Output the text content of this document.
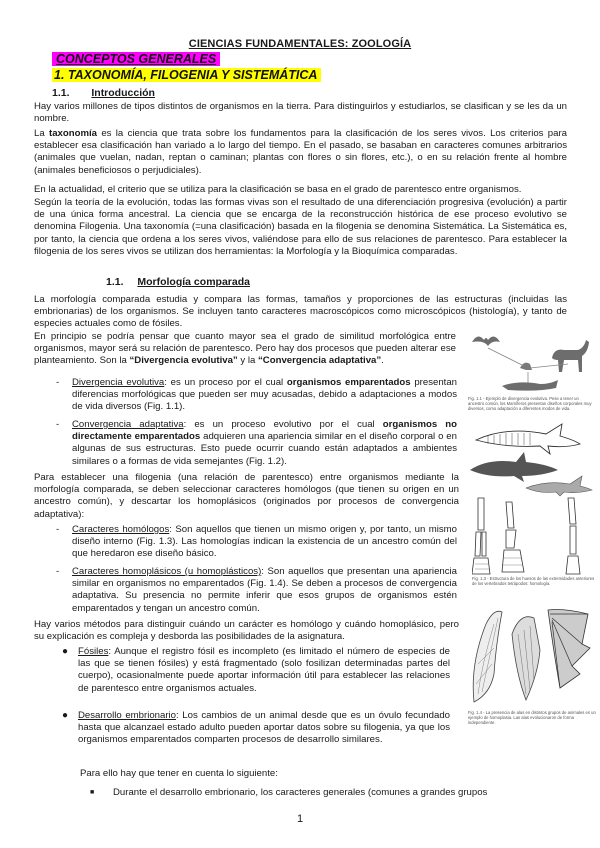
CIENCIAS FUNDAMENTALES: ZOOLOGÍA
CONCEPTOS GENERALES
1. TAXONOMÍA, FILOGENIA Y SISTEMÁTICA
1.1. Introducción
Hay varios millones de tipos distintos de organismos en la tierra. Para distinguirlos y estudiarlos, se clasifican y se les da un nombre.
La taxonomía es la ciencia que trata sobre los fundamentos para la clasificación de los seres vivos. Los criterios para establecer esa clasificación han variado a lo largo del tiempo. En el pasado, se basaban en caracteres comunes arbitrarios (animales que vuelan, nadan, reptan o caminan; plantas con flores o sin flores, etc.), o en su relación frente al hombre (animales beneficiosos o perjudiciales).
En la actualidad, el criterio que se utiliza para la clasificación se basa en el grado de parentesco entre organismos.
Según la teoría de la evolución, todas las formas vivas son el resultado de una diferenciación progresiva (evolución) a partir de una única forma ancestral. La ciencia que se encarga de la reconstrucción histórica de ese proceso evolutivo se denomina Filogenia. Una taxonomía (=una clasificación) basada en la filogenia se denomina Sistemática. La Sistemática es, por tanto, la ciencia que ordena a los seres vivos, valiéndose para ello de sus relaciones de parentesco. Para establecer la filogenia de los seres vivos se utilizan dos herramientas: la Morfología y la Bioquímica comparadas.
1.1. Morfología comparada
La morfología comparada estudia y compara las formas, tamaños y proporciones de las estructuras (incluidas las embrionarias) de los organismos. Se incluyen tanto caracteres macroscópicos como microscópicos (histología), y tanto de especies actuales como de fósiles.
En principio se podría pensar que cuanto mayor sea el grado de similitud morfológica entre organismos, mayor será su relación de parentesco. Pero hay dos procesos que pueden alterar ese planteamiento. Son la “Divergencia evolutiva” y la “Convergencia adaptativa”.
- Divergencia evolutiva: es un proceso por el cual organismos emparentados presentan diferencias morfológicas que pueden ser muy acusadas, debido a adaptaciones a modos de vida diversos (Fig. 1.1).
- Convergencia adaptativa: es un proceso evolutivo por el cual organismos no directamente emparentados adquieren una apariencia similar en el diseño corporal o en algunas de sus estructuras. Esto puede ocurrir cuando están adaptados a ambientes similares o a formas de vida semejantes (Fig. 1.2).
Para establecer una filogenia (una relación de parentesco) entre organismos mediante la morfología comparada, se deben seleccionar caracteres homólogos (que tienen su origen en un ancestro común), y descartar los homoplásicos (originados por procesos de convergencia adaptativa):
- Caracteres homólogos: Son aquellos que tienen un mismo origen y, por tanto, un mismo diseño interno (Fig. 1.3). Las homologías indican la existencia de un ancestro común del que heredaron ese diseño básico.
- Caracteres homoplásicos (u homoplásticos): Son aquellos que presentan una apariencia similar en organismos no emparentados (Fig. 1.4). Se deben a procesos de convergencia adaptativa. Su presencia no permite inferir que esos grupos de organismos estén emparentados y tengan un ancestro común.
Hay varios métodos para distinguir cuándo un carácter es homólogo y cuándo homoplásico, pero su explicación es compleja y desborda las posibilidades de la asignatura.
● Fósiles: Aunque el registro fósil es incompleto (es limitado el número de especies de las que se tienen fósiles) y está fragmentado (solo fosilizan determinadas partes del cuerpo), ocasionalmente puede aportar información útil para establecer las relaciones de parentesco entre organismos actuales.
● Desarrollo embrionario: Los cambios de un animal desde que es un óvulo fecundado hasta que alcanzael estado adulto pueden aportar datos sobre su filogenia, ya que los organismos emparentados comparten procesos de desarrollo similares.
Para ello hay que tener en cuenta lo siguiente:
■ Durante el desarrollo embrionario, los caracteres generales (comunes a grandes grupos
Fig. 1.1 - Ejemplo de divergencia evolutiva. Pese a tener un ancestro común, los Mamíferos presentan diseños corporales muy diversos, como adaptación a diferentes modos de vida.
Fig. 1.3 - Estructura de los huesos de las extremidades anteriores de los vertebrados tetrápodos: homología.
Fig. 1.4 - La presencia de alas en distintos grupos de animales es un ejemplo de homoplasia. Las alas evolucionaron de forma independiente.
1
